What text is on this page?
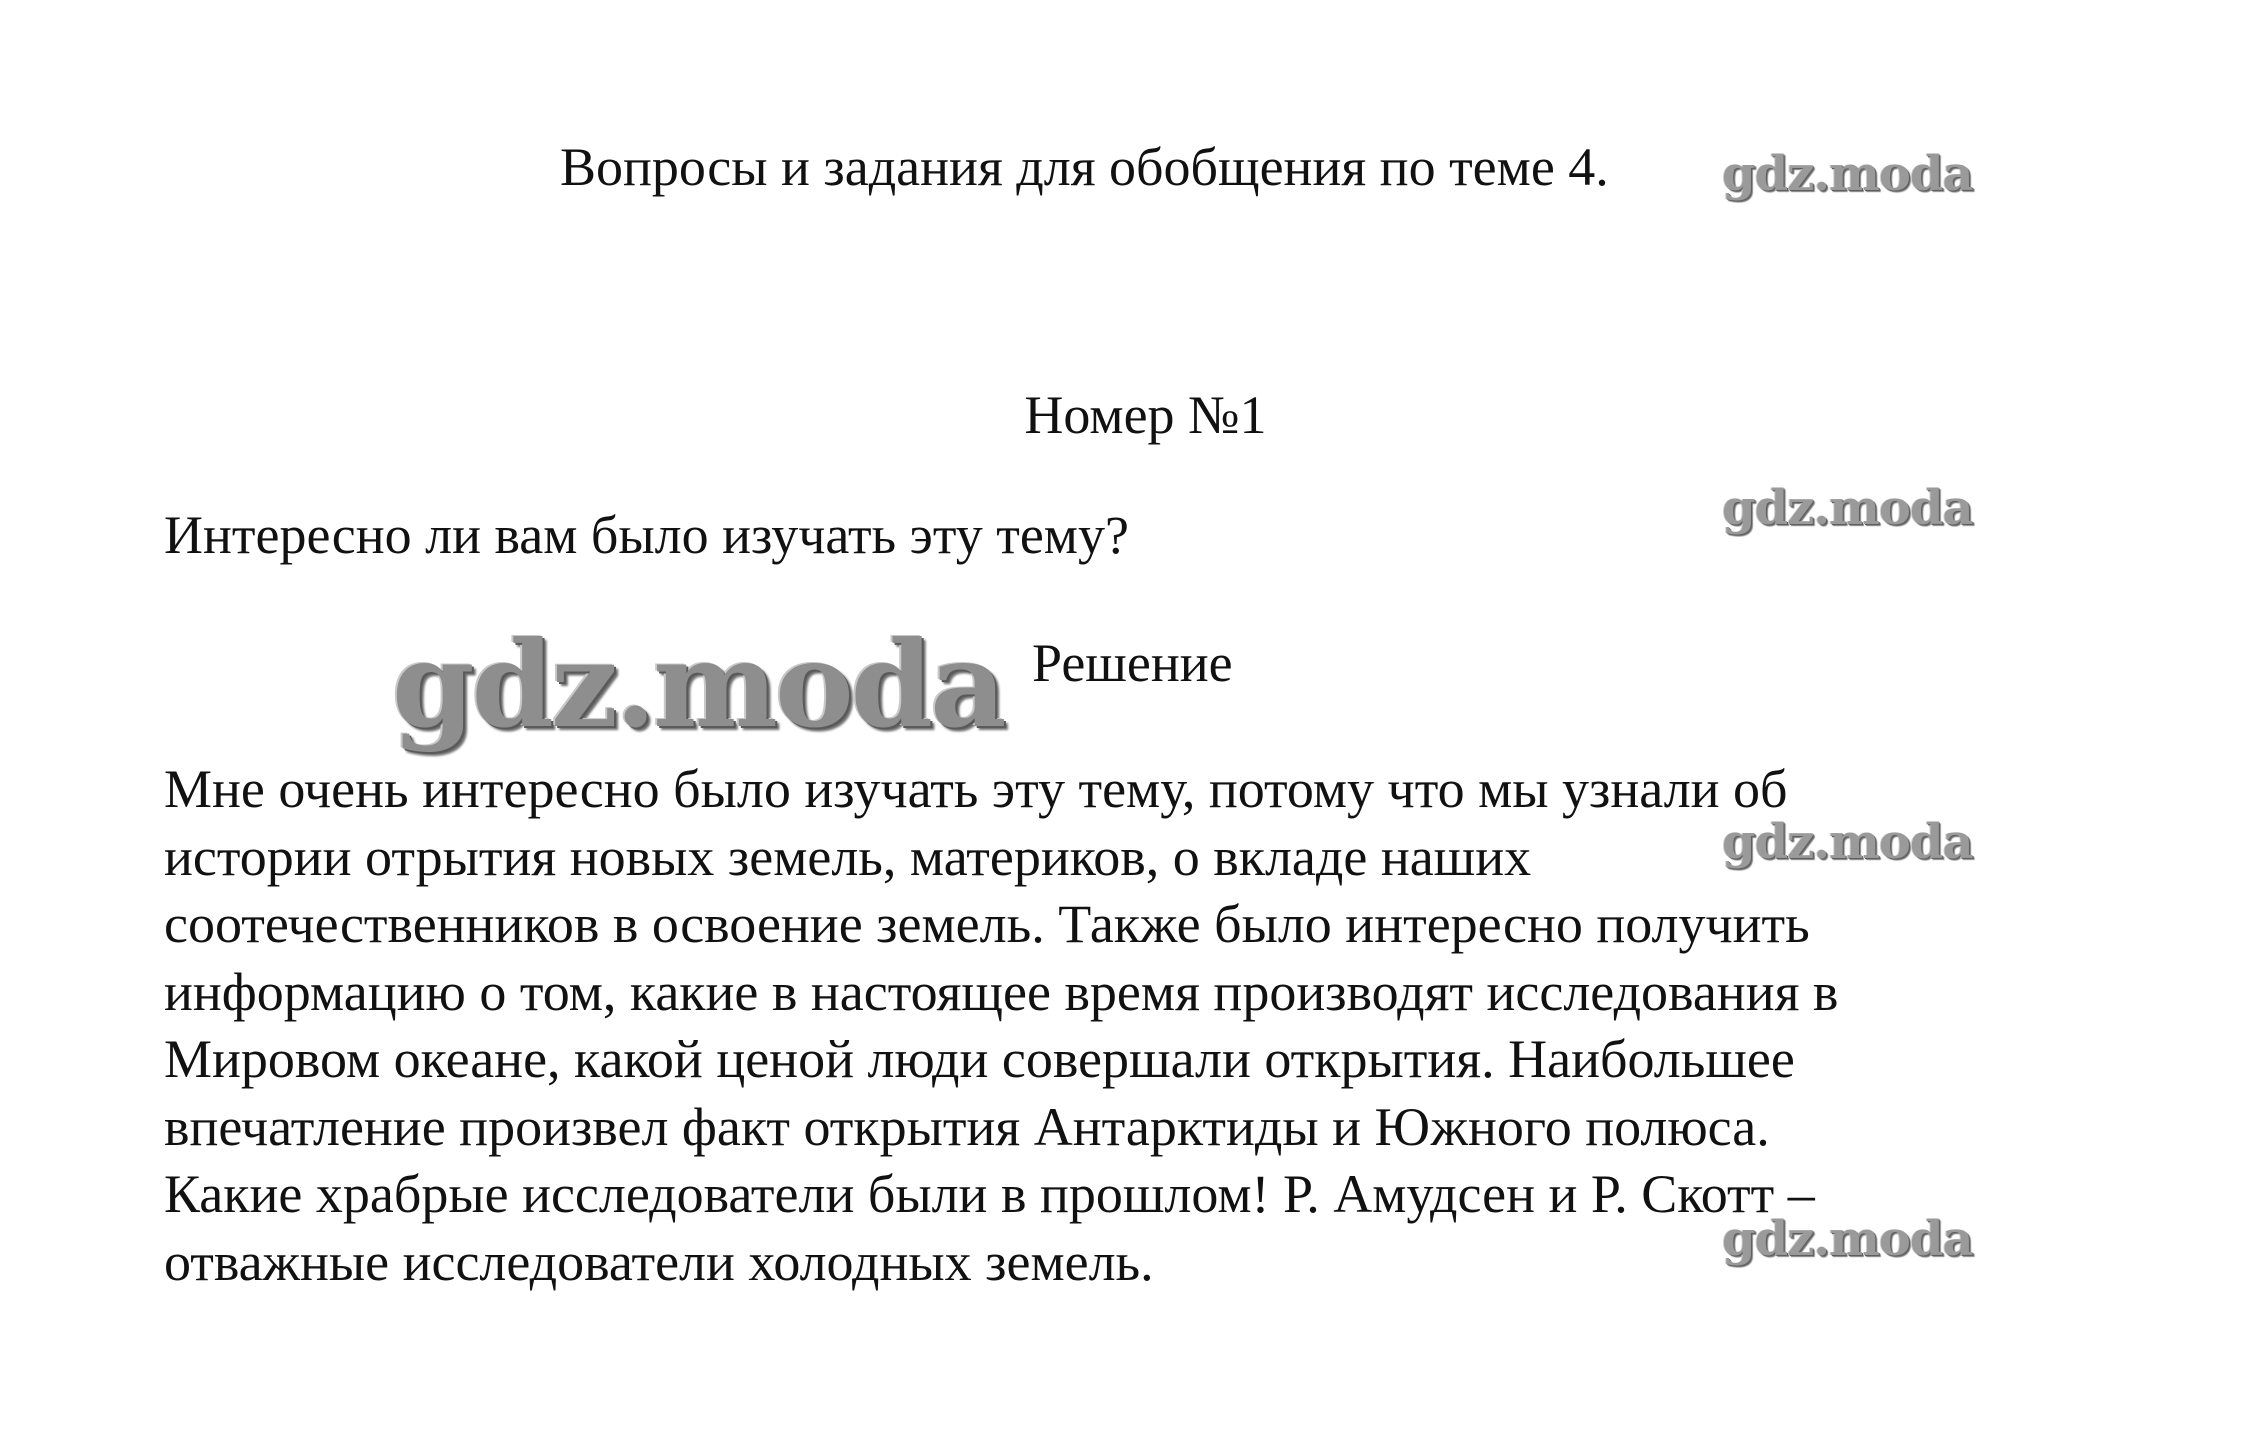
Вопросы и задания для обобщения по теме 4.
Номер №1
Интересно ли вам было изучать эту тему?
Решение
Мне очень интересно было изучать эту тему, потому что мы узнали об
истории отрытия новых земель, материков, о вкладе наших
соотечественников в освоение земель. Также было интересно получить
информацию о том, какие в настоящее время производят исследования в
Мировом океане, какой ценой люди совершали открытия. Наибольшее
впечатление произвел факт открытия Антарктиды и Южного полюса.
Какие храбрые исследователи были в прошлом! Р. Амудсен и Р. Скотт –
отважные исследователи холодных земель.
gdz.moda
gdz.moda
gdz.moda
gdz.moda
gdz.moda
